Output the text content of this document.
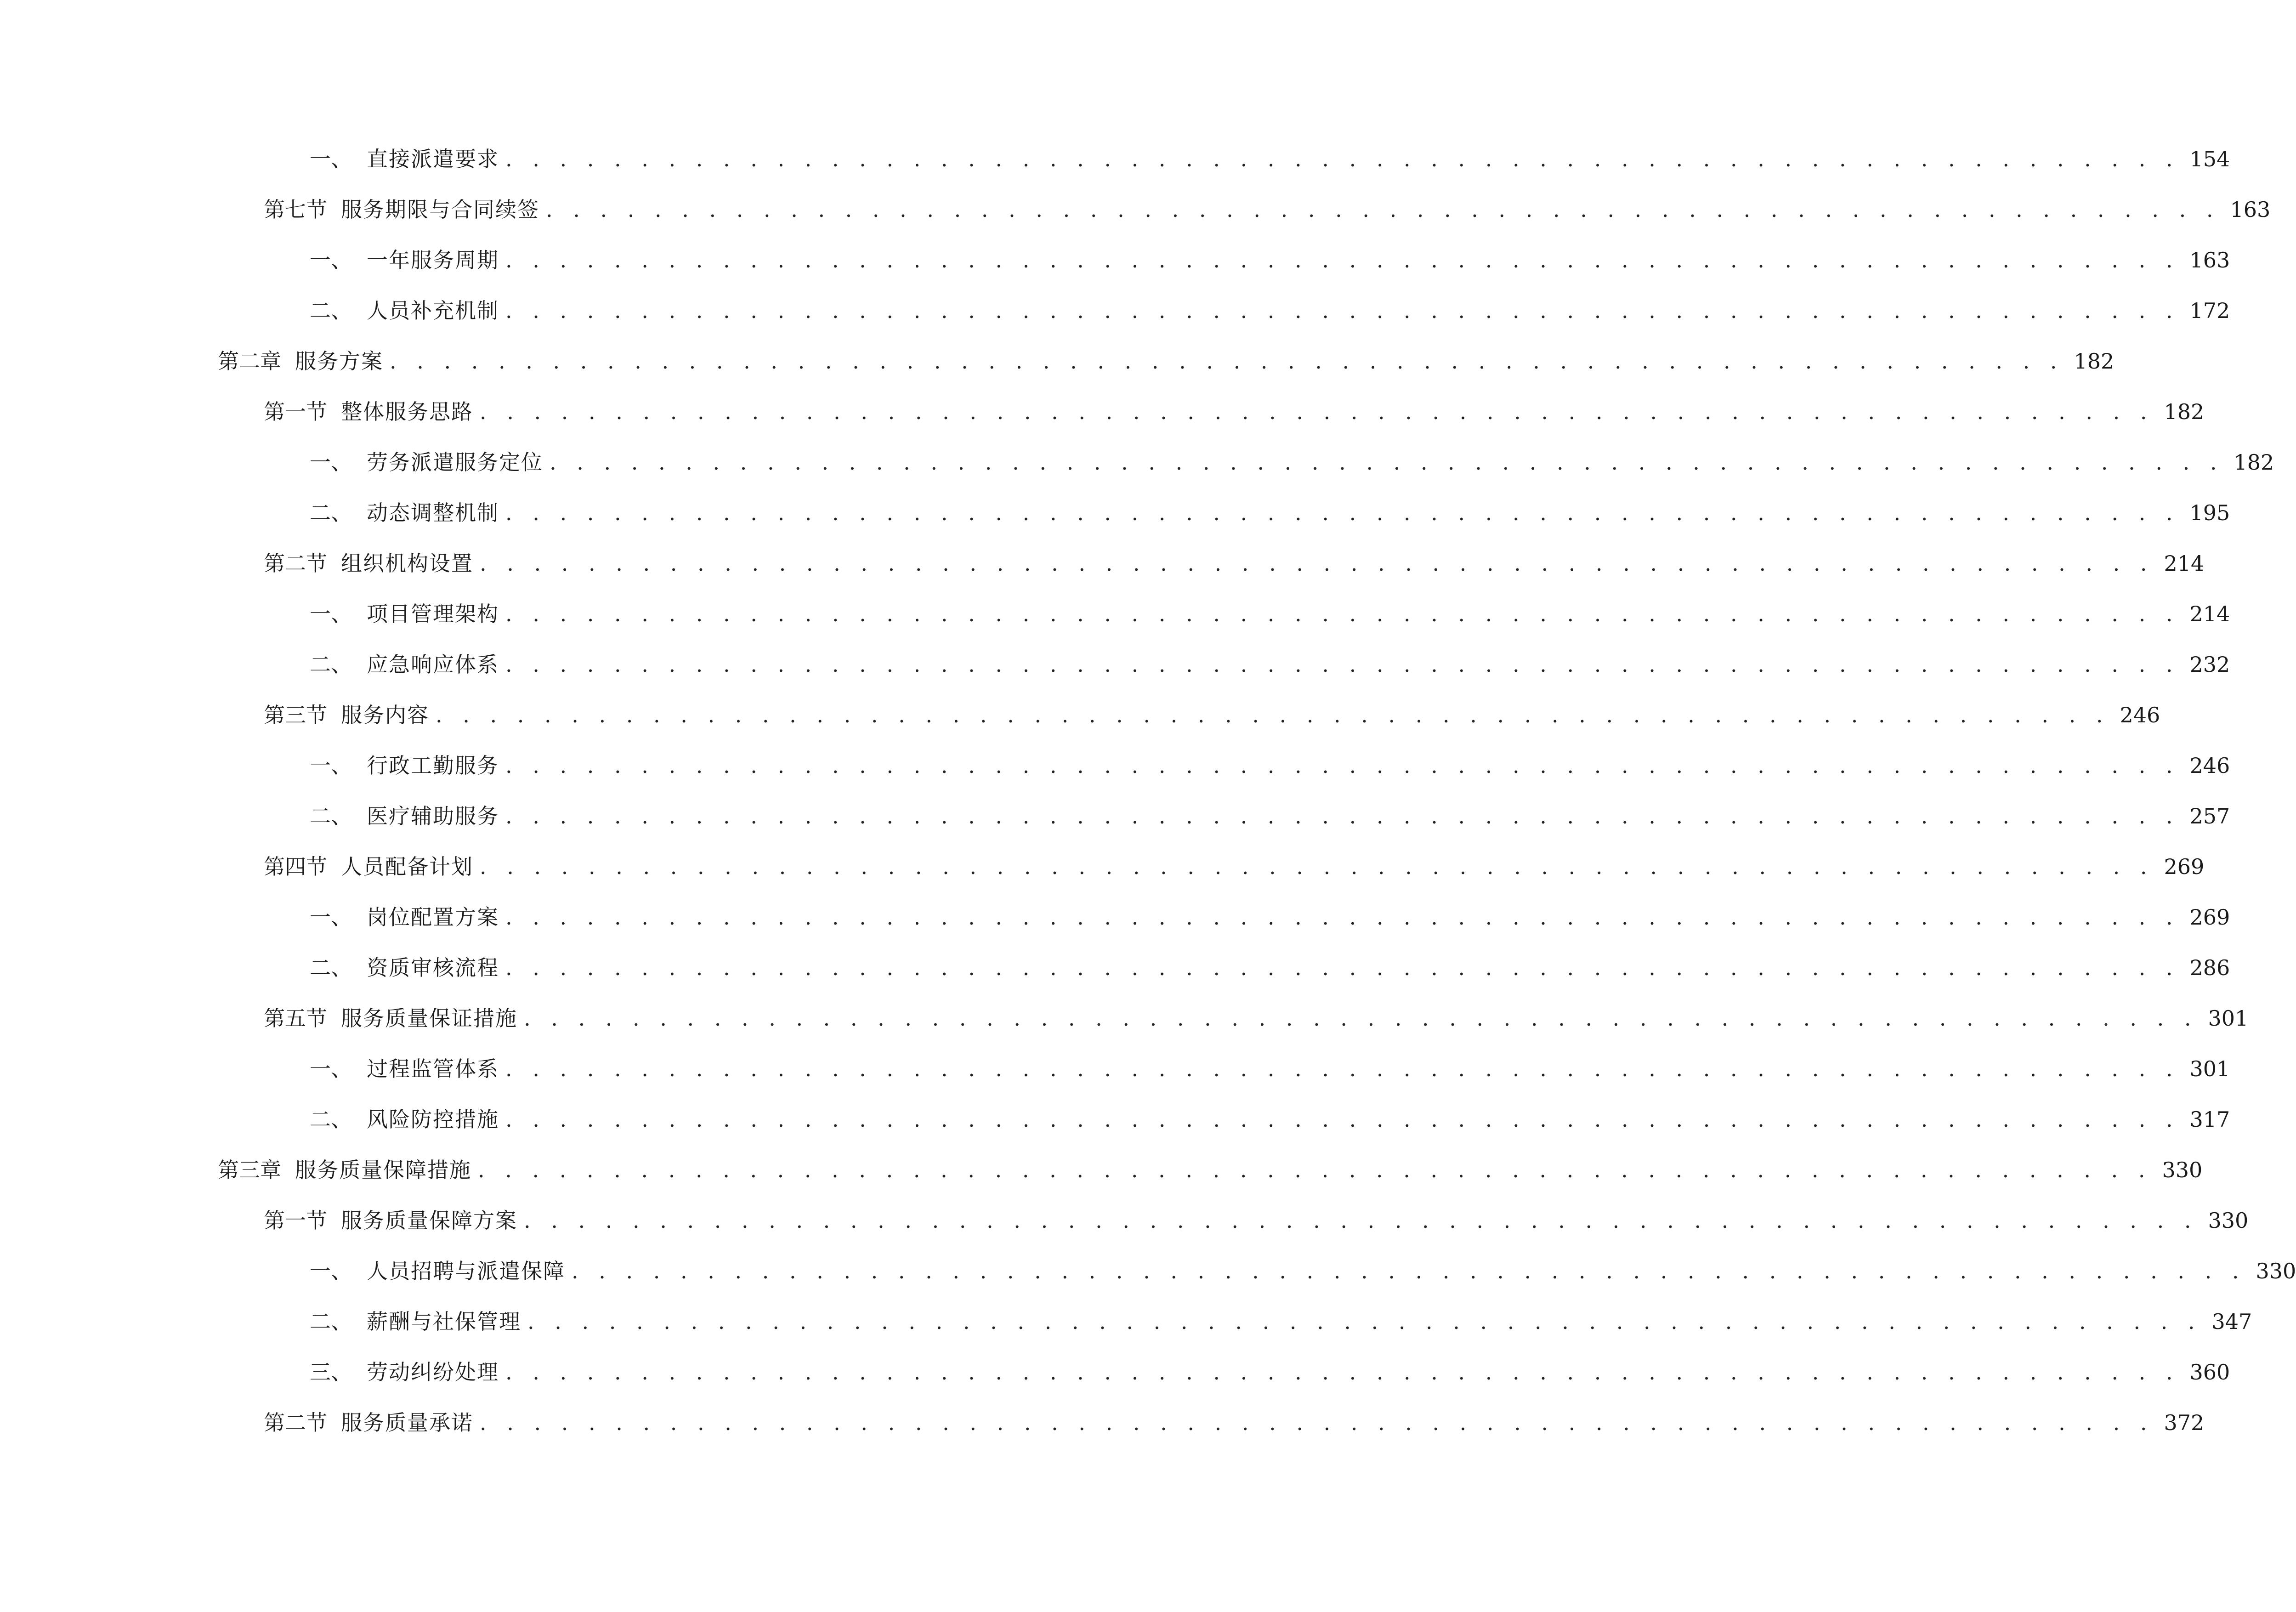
一、 直接派遣要求 . . . . . . . . . . . . . . . . . . . . . . . . . . . . . . . . . . . . . . . . . . . . . . . . . . . . . . . . . . . . . . 154
第七节 服务期限与合同续签 . . . . . . . . . . . . . . . . . . . . . . . . . . . . . . . . . . . . . . . . . . . . . . . . . . . . . . . . . . . . . . 163
一、 一年服务周期 . . . . . . . . . . . . . . . . . . . . . . . . . . . . . . . . . . . . . . . . . . . . . . . . . . . . . . . . . . . . . . 163
二、 人员补充机制 . . . . . . . . . . . . . . . . . . . . . . . . . . . . . . . . . . . . . . . . . . . . . . . . . . . . . . . . . . . . . . 172
第二章 服务方案 . . . . . . . . . . . . . . . . . . . . . . . . . . . . . . . . . . . . . . . . . . . . . . . . . . . . . . . . . . . . . . 182
第一节 整体服务思路 . . . . . . . . . . . . . . . . . . . . . . . . . . . . . . . . . . . . . . . . . . . . . . . . . . . . . . . . . . . . . . 182
一、 劳务派遣服务定位 . . . . . . . . . . . . . . . . . . . . . . . . . . . . . . . . . . . . . . . . . . . . . . . . . . . . . . . . . . . . . . 182
二、 动态调整机制 . . . . . . . . . . . . . . . . . . . . . . . . . . . . . . . . . . . . . . . . . . . . . . . . . . . . . . . . . . . . . . 195
第二节 组织机构设置 . . . . . . . . . . . . . . . . . . . . . . . . . . . . . . . . . . . . . . . . . . . . . . . . . . . . . . . . . . . . . . 214
一、 项目管理架构 . . . . . . . . . . . . . . . . . . . . . . . . . . . . . . . . . . . . . . . . . . . . . . . . . . . . . . . . . . . . . . 214
二、 应急响应体系 . . . . . . . . . . . . . . . . . . . . . . . . . . . . . . . . . . . . . . . . . . . . . . . . . . . . . . . . . . . . . . 232
第三节 服务内容 . . . . . . . . . . . . . . . . . . . . . . . . . . . . . . . . . . . . . . . . . . . . . . . . . . . . . . . . . . . . . . 246
一、 行政工勤服务 . . . . . . . . . . . . . . . . . . . . . . . . . . . . . . . . . . . . . . . . . . . . . . . . . . . . . . . . . . . . . . 246
二、 医疗辅助服务 . . . . . . . . . . . . . . . . . . . . . . . . . . . . . . . . . . . . . . . . . . . . . . . . . . . . . . . . . . . . . . 257
第四节 人员配备计划 . . . . . . . . . . . . . . . . . . . . . . . . . . . . . . . . . . . . . . . . . . . . . . . . . . . . . . . . . . . . . . 269
一、 岗位配置方案 . . . . . . . . . . . . . . . . . . . . . . . . . . . . . . . . . . . . . . . . . . . . . . . . . . . . . . . . . . . . . . 269
二、 资质审核流程 . . . . . . . . . . . . . . . . . . . . . . . . . . . . . . . . . . . . . . . . . . . . . . . . . . . . . . . . . . . . . . 286
第五节 服务质量保证措施 . . . . . . . . . . . . . . . . . . . . . . . . . . . . . . . . . . . . . . . . . . . . . . . . . . . . . . . . . . . . . . 301
一、 过程监管体系 . . . . . . . . . . . . . . . . . . . . . . . . . . . . . . . . . . . . . . . . . . . . . . . . . . . . . . . . . . . . . . 301
二、 风险防控措施 . . . . . . . . . . . . . . . . . . . . . . . . . . . . . . . . . . . . . . . . . . . . . . . . . . . . . . . . . . . . . . 317
第三章 服务质量保障措施 . . . . . . . . . . . . . . . . . . . . . . . . . . . . . . . . . . . . . . . . . . . . . . . . . . . . . . . . . . . . . . 330
第一节 服务质量保障方案 . . . . . . . . . . . . . . . . . . . . . . . . . . . . . . . . . . . . . . . . . . . . . . . . . . . . . . . . . . . . . . 330
一、 人员招聘与派遣保障 . . . . . . . . . . . . . . . . . . . . . . . . . . . . . . . . . . . . . . . . . . . . . . . . . . . . . . . . . . . . . . 330
二、 薪酬与社保管理 . . . . . . . . . . . . . . . . . . . . . . . . . . . . . . . . . . . . . . . . . . . . . . . . . . . . . . . . . . . . . . 347
三、 劳动纠纷处理 . . . . . . . . . . . . . . . . . . . . . . . . . . . . . . . . . . . . . . . . . . . . . . . . . . . . . . . . . . . . . . 360
第二节 服务质量承诺 . . . . . . . . . . . . . . . . . . . . . . . . . . . . . . . . . . . . . . . . . . . . . . . . . . . . . . . . . . . . . . 372
